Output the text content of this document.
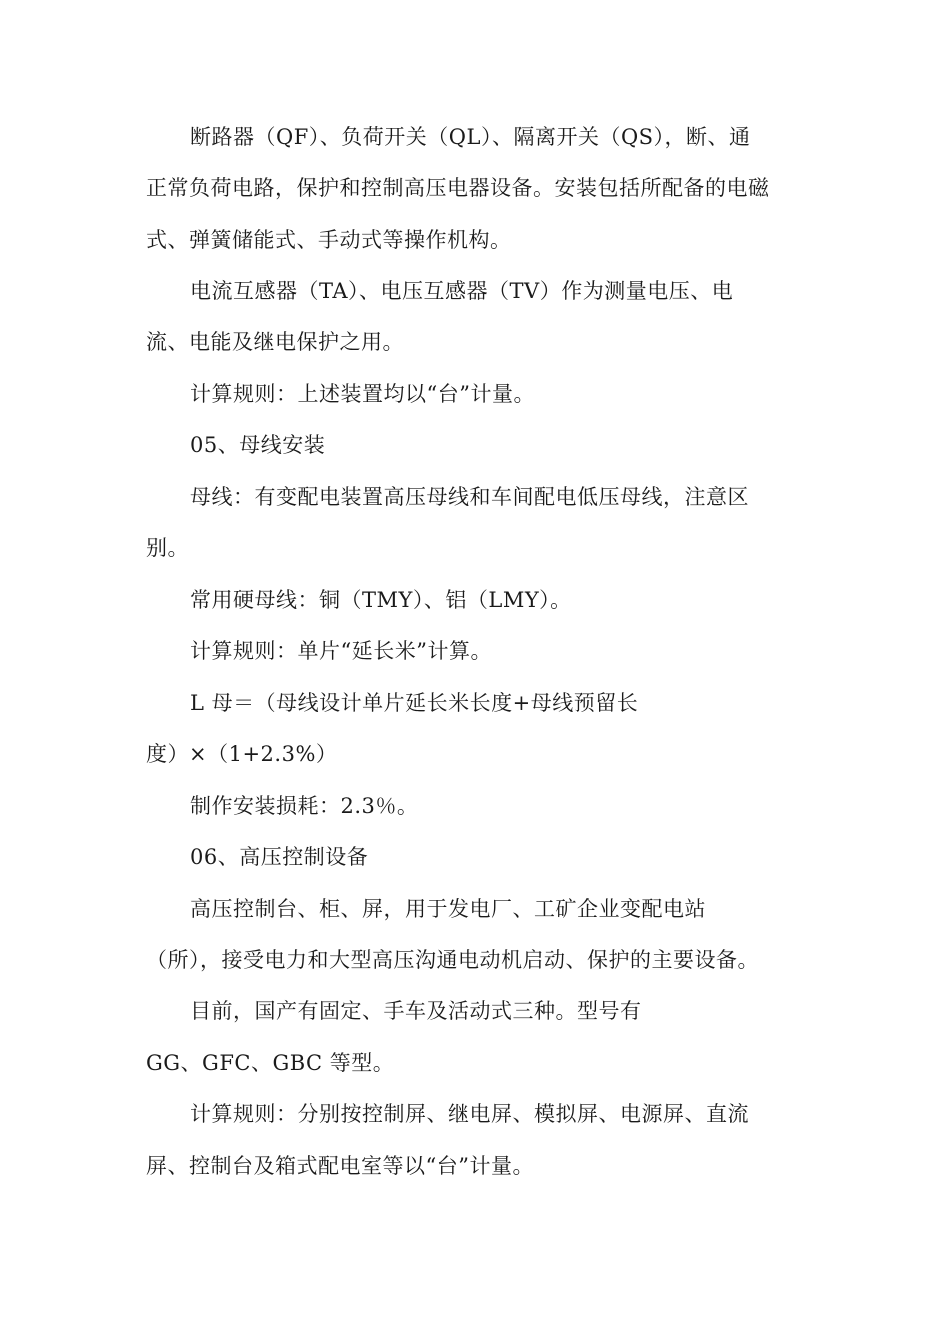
断路器（QF）、负荷开关（QL）、隔离开关（QS），断、通
正常负荷电路，保护和控制高压电器设备。安装包括所配备的电磁
式、弹簧储能式、手动式等操作机构。
电流互感器（TA）、电压互感器（TV）作为测量电压、电
流、电能及继电保护之用。
计算规则：上述装置均以“台”计量。
05、母线安装
母线：有变配电装置高压母线和车间配电低压母线，注意区
别。
常用硬母线：铜（TMY）、铝（LMY）。
计算规则：单片“延长米”计算。
L 母＝（母线设计单片延长米长度+母线预留长
度）×（1+2.3%）
制作安装损耗：2.3％。
06、高压控制设备
高压控制台、柜、屏，用于发电厂、工矿企业变配电站
（所），接受电力和大型高压沟通电动机启动、保护的主要设备。
目前，国产有固定、手车及活动式三种。型号有
GG、GFC、GBC 等型。
计算规则：分别按控制屏、继电屏、模拟屏、电源屏、直流
屏、控制台及箱式配电室等以“台”计量。
